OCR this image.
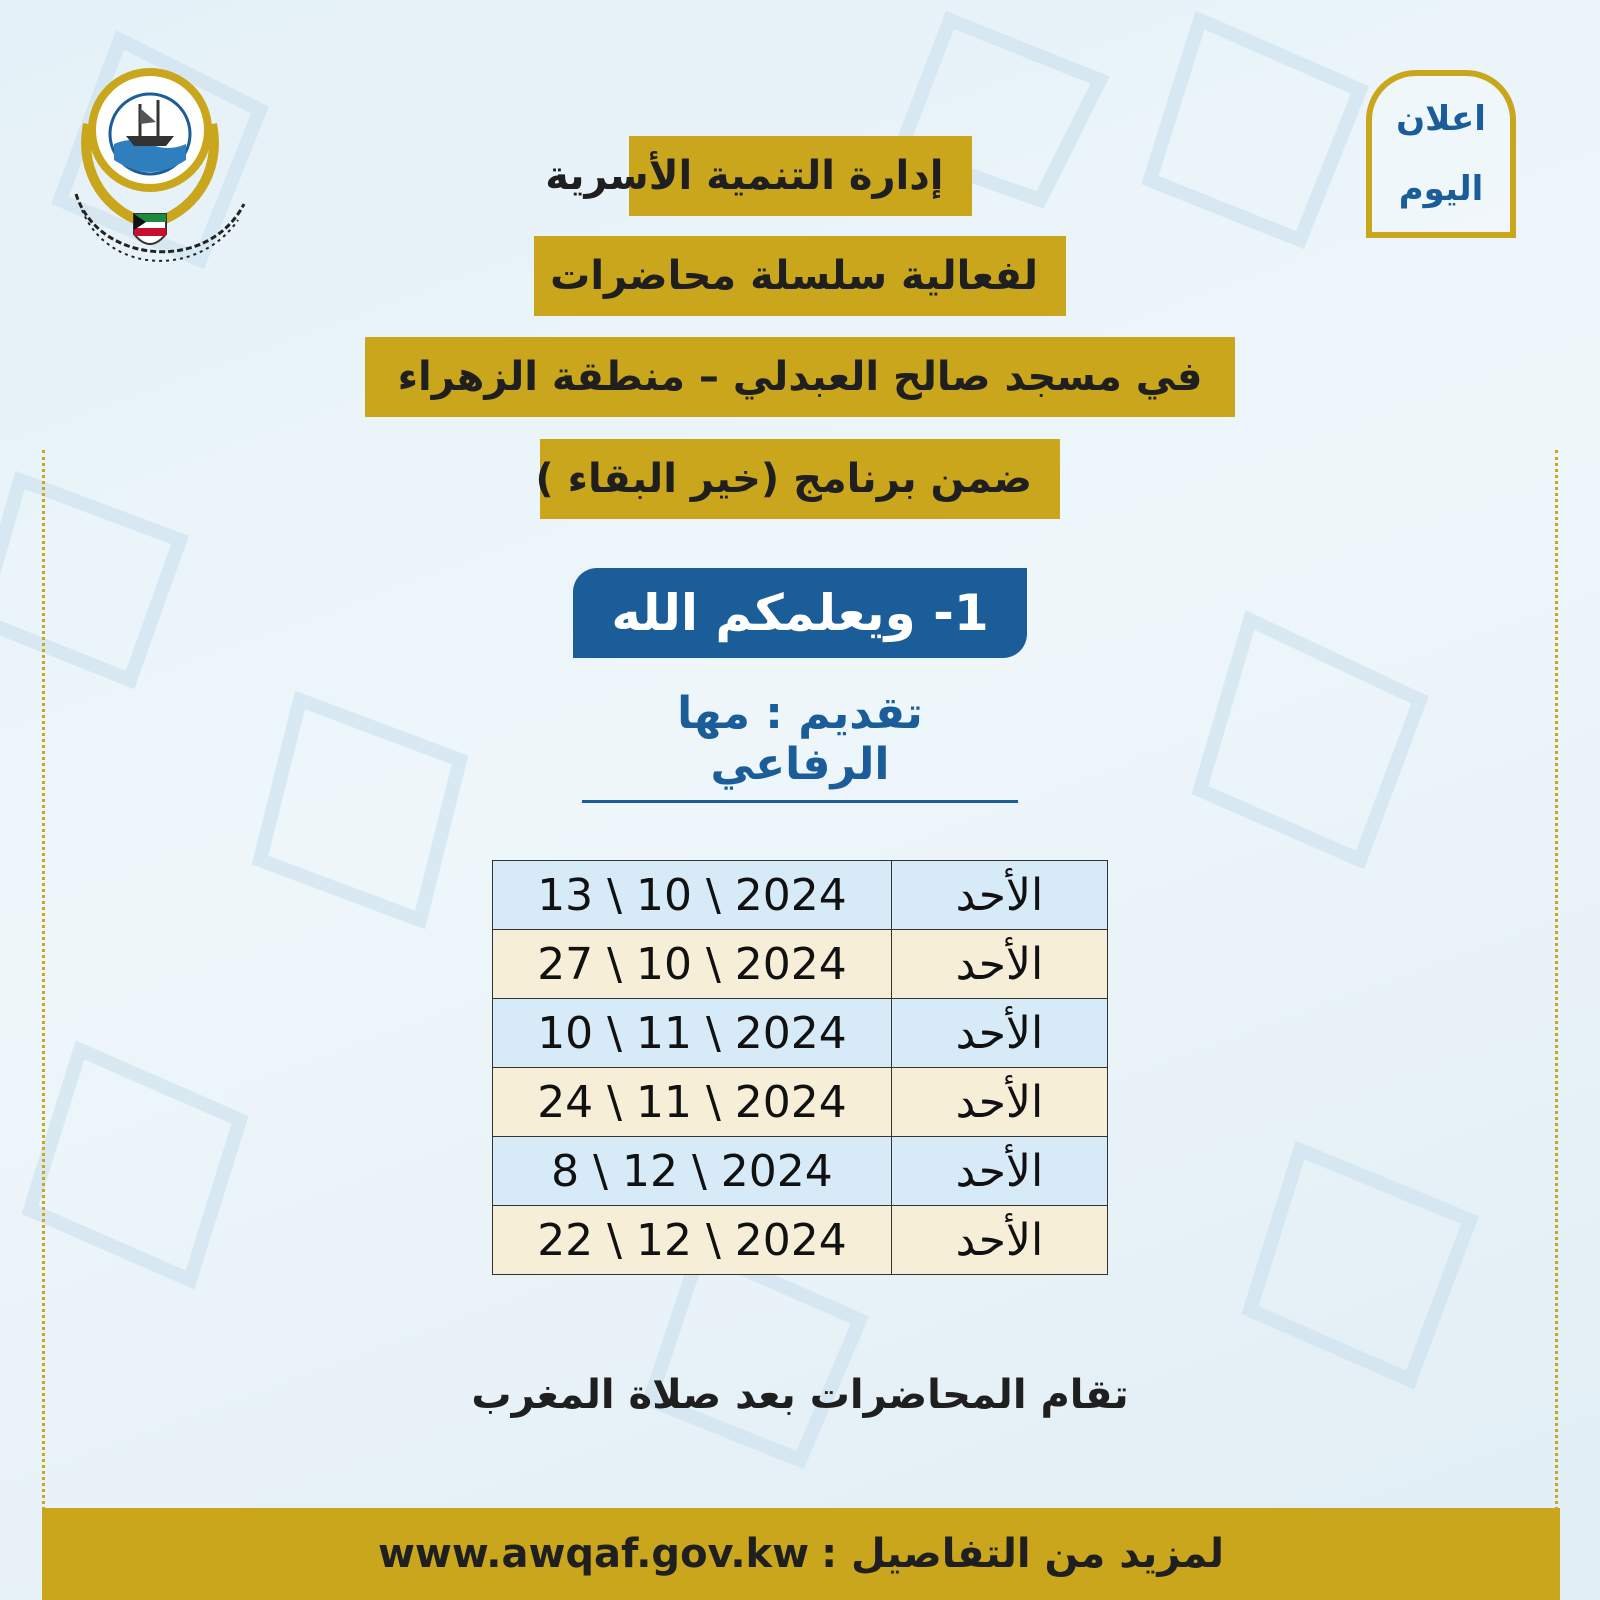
اعلان
اليوم
إدارة التنمية الأسرية
لفعالية سلسلة محاضرات
في مسجد صالح العبدلي – منطقة الزهراء
ضمن برنامج (خير البقاء )
1- ويعلمكم الله
تقديم : مها الرفاعي
13 \ 10 \ 2024	الأحد
27 \ 10 \ 2024	الأحد
10 \ 11 \ 2024	الأحد
24 \ 11 \ 2024	الأحد
8 \ 12 \ 2024	الأحد
22 \ 12 \ 2024	الأحد
تقام المحاضرات بعد صلاة المغرب
لمزيد من التفاصيل :
www.awqaf.gov.kw
